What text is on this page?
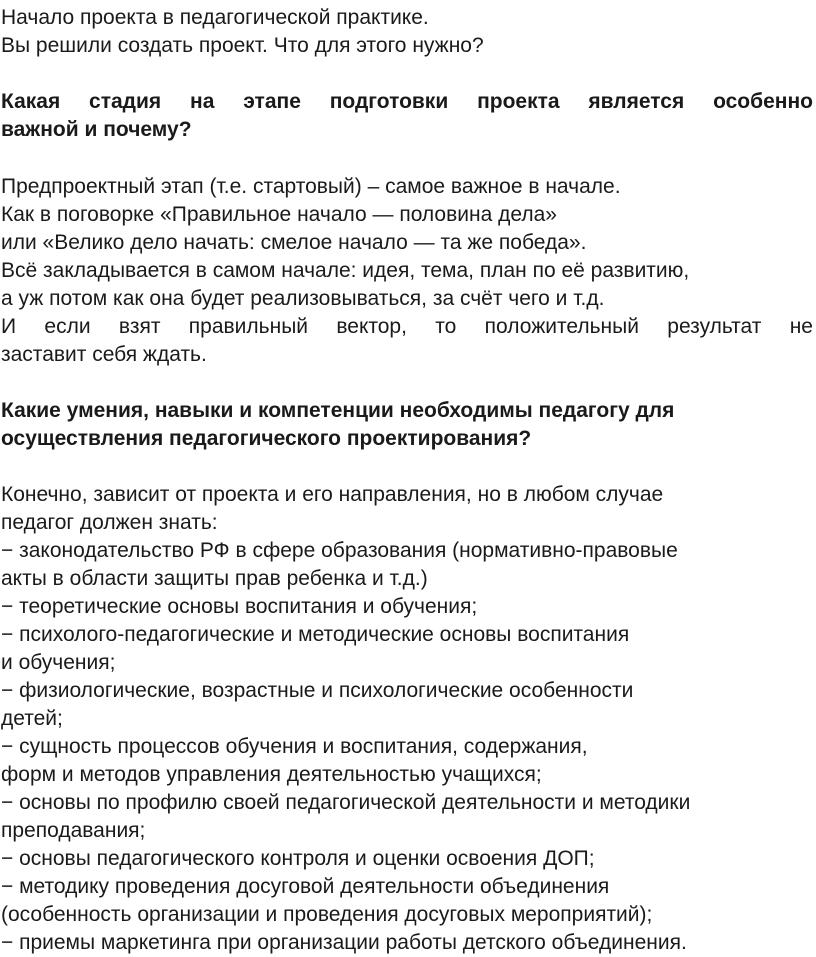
Начало проекта в педагогической практике.
Вы решили создать проект. Что для этого нужно?
Какая стадия на этапе подготовки проекта является особенно
важной и почему?
Предпроектный этап (т.е. стартовый) – самое важное в начале.
Как в поговорке «Правильное начало — половина дела»
или «Велико дело начать: смелое начало — та же победа».
Всё закладывается в самом начале: идея, тема, план по её развитию,
а уж потом как она будет реализовываться, за счёт чего и т.д.
И если взят правильный вектор, то положительный результат не
заставит себя ждать.
Какие умения, навыки и компетенции необходимы педагогу для
осуществления педагогического проектирования?
Конечно, зависит от проекта и его направления, но в любом случае
педагог должен знать:
− законодательство РФ в сфере образования (нормативно-правовые
акты в области защиты прав ребенка и т.д.)
− теоретические основы воспитания и обучения;
− психолого-педагогические и методические основы воспитания
и обучения;
− физиологические, возрастные и психологические особенности
детей;
− сущность процессов обучения и воспитания, содержания,
форм и методов управления деятельностью учащихся;
− основы по профилю своей педагогической деятельности и методики
преподавания;
− основы педагогического контроля и оценки освоения ДОП;
− методику проведения досуговой деятельности объединения
(особенность организации и проведения досуговых мероприятий);
− приемы маркетинга при организации работы детского объединения.
